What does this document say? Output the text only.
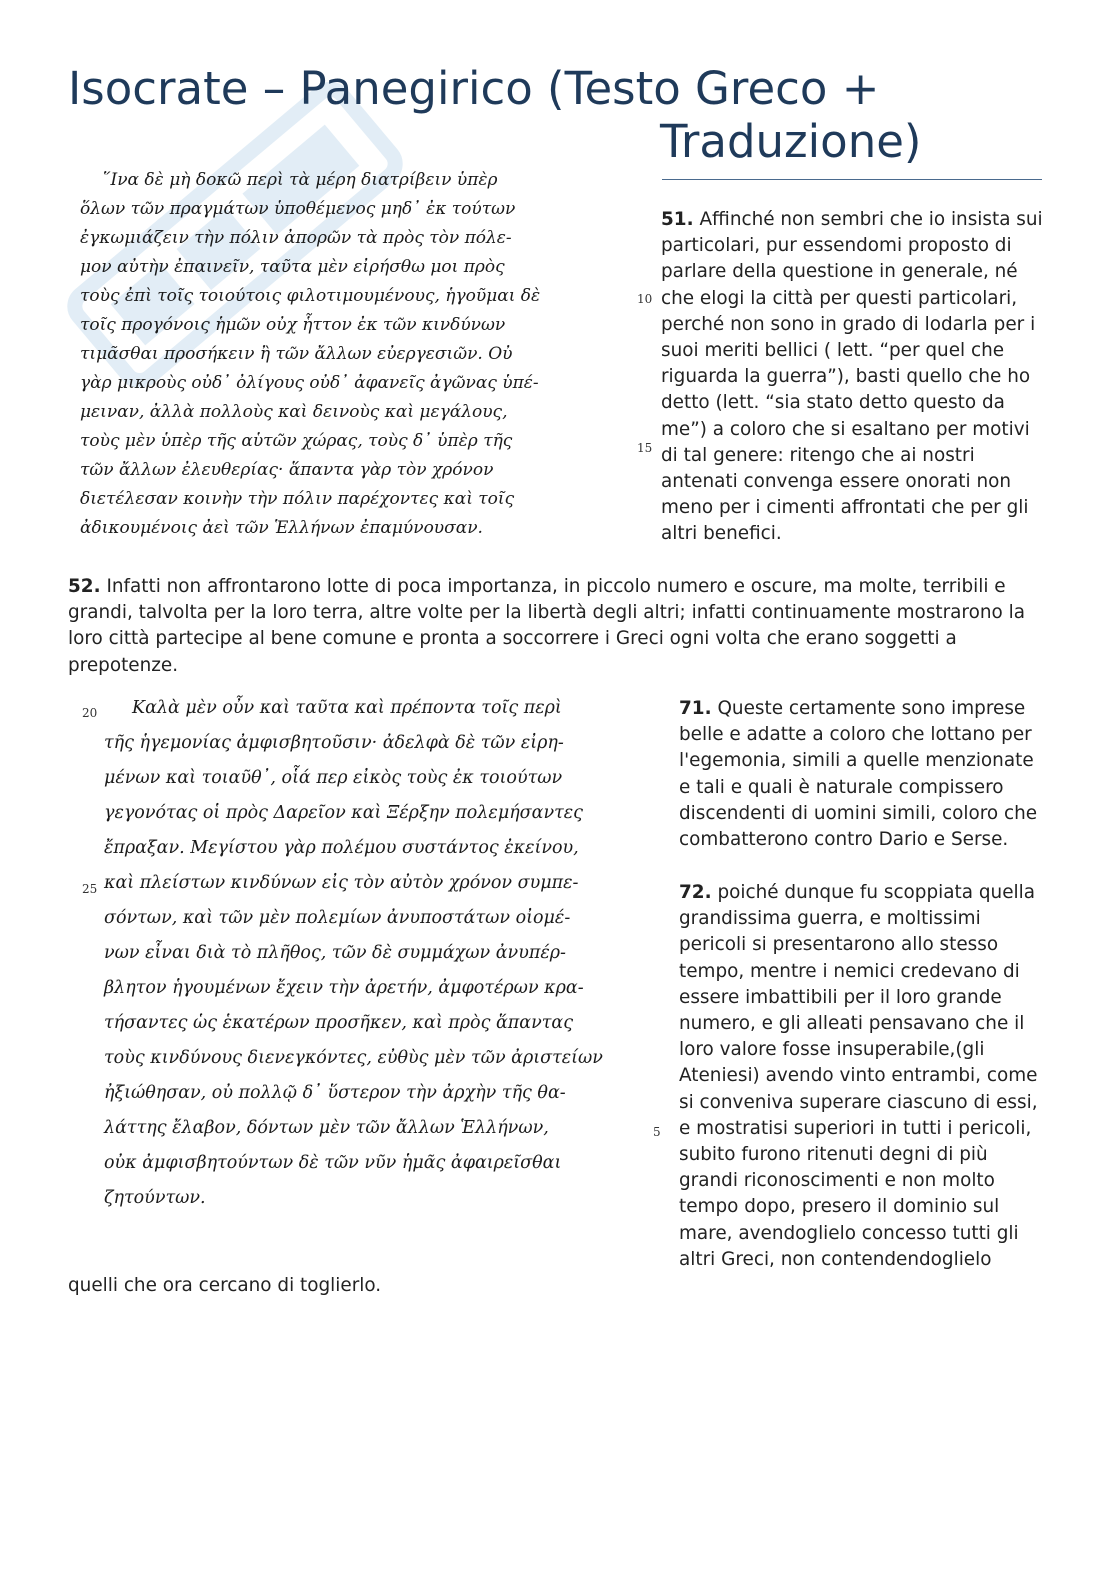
Isocrate – Panegirico (Testo Greco +
Traduzione)
῞Ινα δὲ μὴ δοκῶ περὶ τὰ μέρη διατρίβειν ὑπὲρ
ὅλων τῶν πραγμάτων ὑποθέμενος μηδ᾽ ἐκ τούτων
ἐγκωμιάζειν τὴν πόλιν ἀπορῶν τὰ πρὸς τὸν πόλε-
μον αὐτὴν ἐπαινεῖν, ταῦτα μὲν εἰρήσθω μοι πρὸς
τοὺς ἐπὶ τοῖς τοιούτοις φιλοτιμουμένους, ἡγοῦμαι δὲ
τοῖς προγόνοις ἡμῶν οὐχ ἧττον ἐκ τῶν κινδύνων
τιμᾶσθαι προσήκειν ἢ τῶν ἄλλων εὐεργεσιῶν. Οὐ
γὰρ μικροὺς οὐδ᾽ ὀλίγους οὐδ᾽ ἀφανεῖς ἀγῶνας ὑπέ-
μειναν, ἀλλὰ πολλοὺς καὶ δεινοὺς καὶ μεγάλους,
τοὺς μὲν ὑπὲρ τῆς αὑτῶν χώρας, τοὺς δ᾽ ὑπὲρ τῆς
τῶν ἄλλων ἐλευθερίας· ἅπαντα γὰρ τὸν χρόνον
διετέλεσαν κοινὴν τὴν πόλιν παρέχοντες καὶ τοῖς
ἀδικουμένοις ἀεὶ τῶν Ἑλλήνων ἐπαμύνουσαν.
10
15

51. Affinché non sembri che io insista sui particolari, pur essendomi proposto di parlare della questione in generale, né che elogi la città per questi particolari, perché non sono in grado di lodarla per i suoi meriti bellici ( lett. “per quel che riguarda la guerra”), basti quello che ho detto (lett. “sia stato detto questo da me”) a coloro che si esaltano per motivi di tal genere: ritengo che ai nostri antenati convenga essere onorati non meno per i cimenti affrontati che per gli altri benefici.

52. Infatti non affrontarono lotte di poca importanza, in piccolo numero e oscure, ma molte, terribili e grandi, talvolta per la loro terra, altre volte per la libertà degli altri; infatti continuamente mostrarono la loro città partecipe al bene comune e pronta a soccorrere i Greci ogni volta che erano soggetti a prepotenze.

Καλὰ μὲν οὖν καὶ ταῦτα καὶ πρέποντα τοῖς περὶ
τῆς ἡγεμονίας ἀμφισβητοῦσιν· ἀδελφὰ δὲ τῶν εἰρη-
μένων καὶ τοιαῦθ᾽, οἷά περ εἰκὸς τοὺς ἐκ τοιούτων
γεγονότας οἱ πρὸς Δαρεῖον καὶ Ξέρξην πολεμήσαντες
ἔπραξαν. Μεγίστου γὰρ πολέμου συστάντος ἐκείνου,
καὶ πλείστων κινδύνων εἰς τὸν αὐτὸν χρόνον συμπε-
σόντων, καὶ τῶν μὲν πολεμίων ἀνυποστάτων οἰομέ-
νων εἶναι διὰ τὸ πλῆθος, τῶν δὲ συμμάχων ἀνυπέρ-
βλητον ἡγουμένων ἔχειν τὴν ἀρετήν, ἀμφοτέρων κρα-
τήσαντες ὡς ἑκατέρων προσῆκεν, καὶ πρὸς ἅπαντας
τοὺς κινδύνους διενεγκόντες, εὐθὺς μὲν τῶν ἀριστείων
ἠξιώθησαν, οὐ πολλῷ δ᾽ ὕστερον τὴν ἀρχὴν τῆς θα-
λάττης ἔλαβον, δόντων μὲν τῶν ἄλλων Ἑλλήνων,
οὐκ ἀμφισβητούντων δὲ τῶν νῦν ἡμᾶς ἀφαιρεῖσθαι
ζητούντων.
20
25
5

71. Queste certamente sono imprese belle e adatte a coloro che lottano per l'egemonia, simili a quelle menzionate e tali e quali è naturale compissero discendenti di uomini simili, coloro che combatterono contro Dario e Serse.

72. poiché dunque fu scoppiata quella grandissima guerra, e moltissimi pericoli si presentarono allo stesso tempo, mentre i nemici credevano di essere imbattibili per il loro grande numero, e gli alleati pensavano che il loro valore fosse insuperabile,(gli Ateniesi) avendo vinto entrambi, come si conveniva superare ciascuno di essi, e mostratisi superiori in tutti i pericoli, subito furono ritenuti degni di più grandi riconoscimenti e non molto tempo dopo, presero il dominio sul mare, avendoglielo concesso tutti gli altri Greci, non contendendoglielo quelli che ora cercano di toglierlo.
